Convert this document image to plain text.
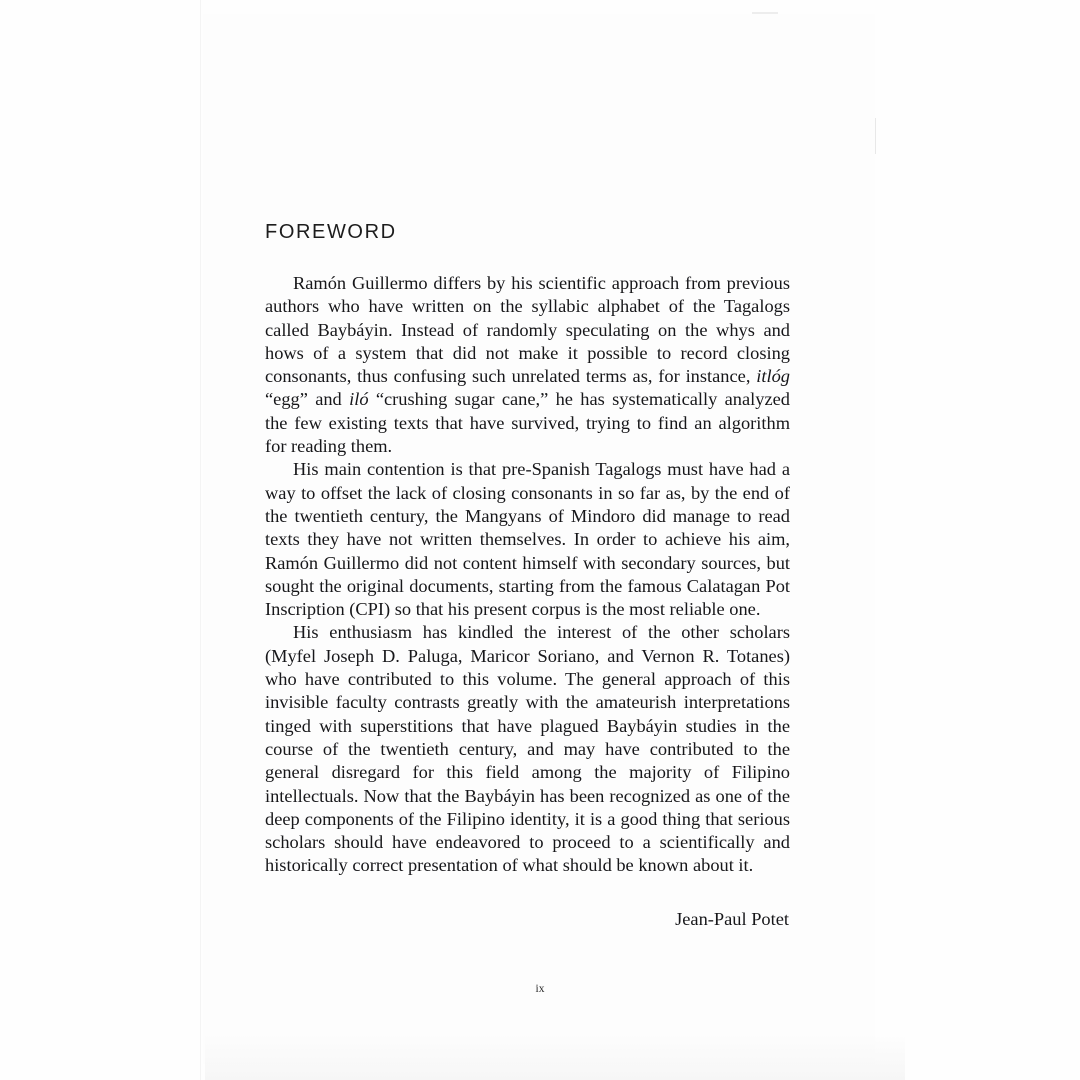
FOREWORD

Ramón Guillermo differs by his scientific approach from previous authors who have written on the syllabic alphabet of the Tagalogs called Baybáyin. Instead of randomly speculating on the whys and hows of a system that did not make it possible to record closing consonants, thus confusing such unrelated terms as, for instance, itlóg “egg” and iló “crushing sugar cane,” he has systematically analyzed the few existing texts that have survived, trying to find an algorithm for reading them.

His main contention is that pre-Spanish Tagalogs must have had a way to offset the lack of closing consonants in so far as, by the end of the twentieth century, the Mangyans of Mindoro did manage to read texts they have not written themselves. In order to achieve his aim, Ramón Guillermo did not content himself with secondary sources, but sought the original documents, starting from the famous Calatagan Pot Inscription (CPI) so that his present corpus is the most reliable one.

His enthusiasm has kindled the interest of the other scholars (Myfel Joseph D. Paluga, Maricor Soriano, and Vernon R. Totanes) who have contributed to this volume. The general approach of this invisible faculty contrasts greatly with the amateurish interpretations tinged with superstitions that have plagued Baybáyin studies in the course of the twentieth century, and may have contributed to the general disregard for this field among the majority of Filipino intellectuals. Now that the Baybáyin has been recognized as one of the deep components of the Filipino identity, it is a good thing that serious scholars should have endeavored to proceed to a scientifically and historically correct presentation of what should be known about it.

Jean-Paul Potet

ix
